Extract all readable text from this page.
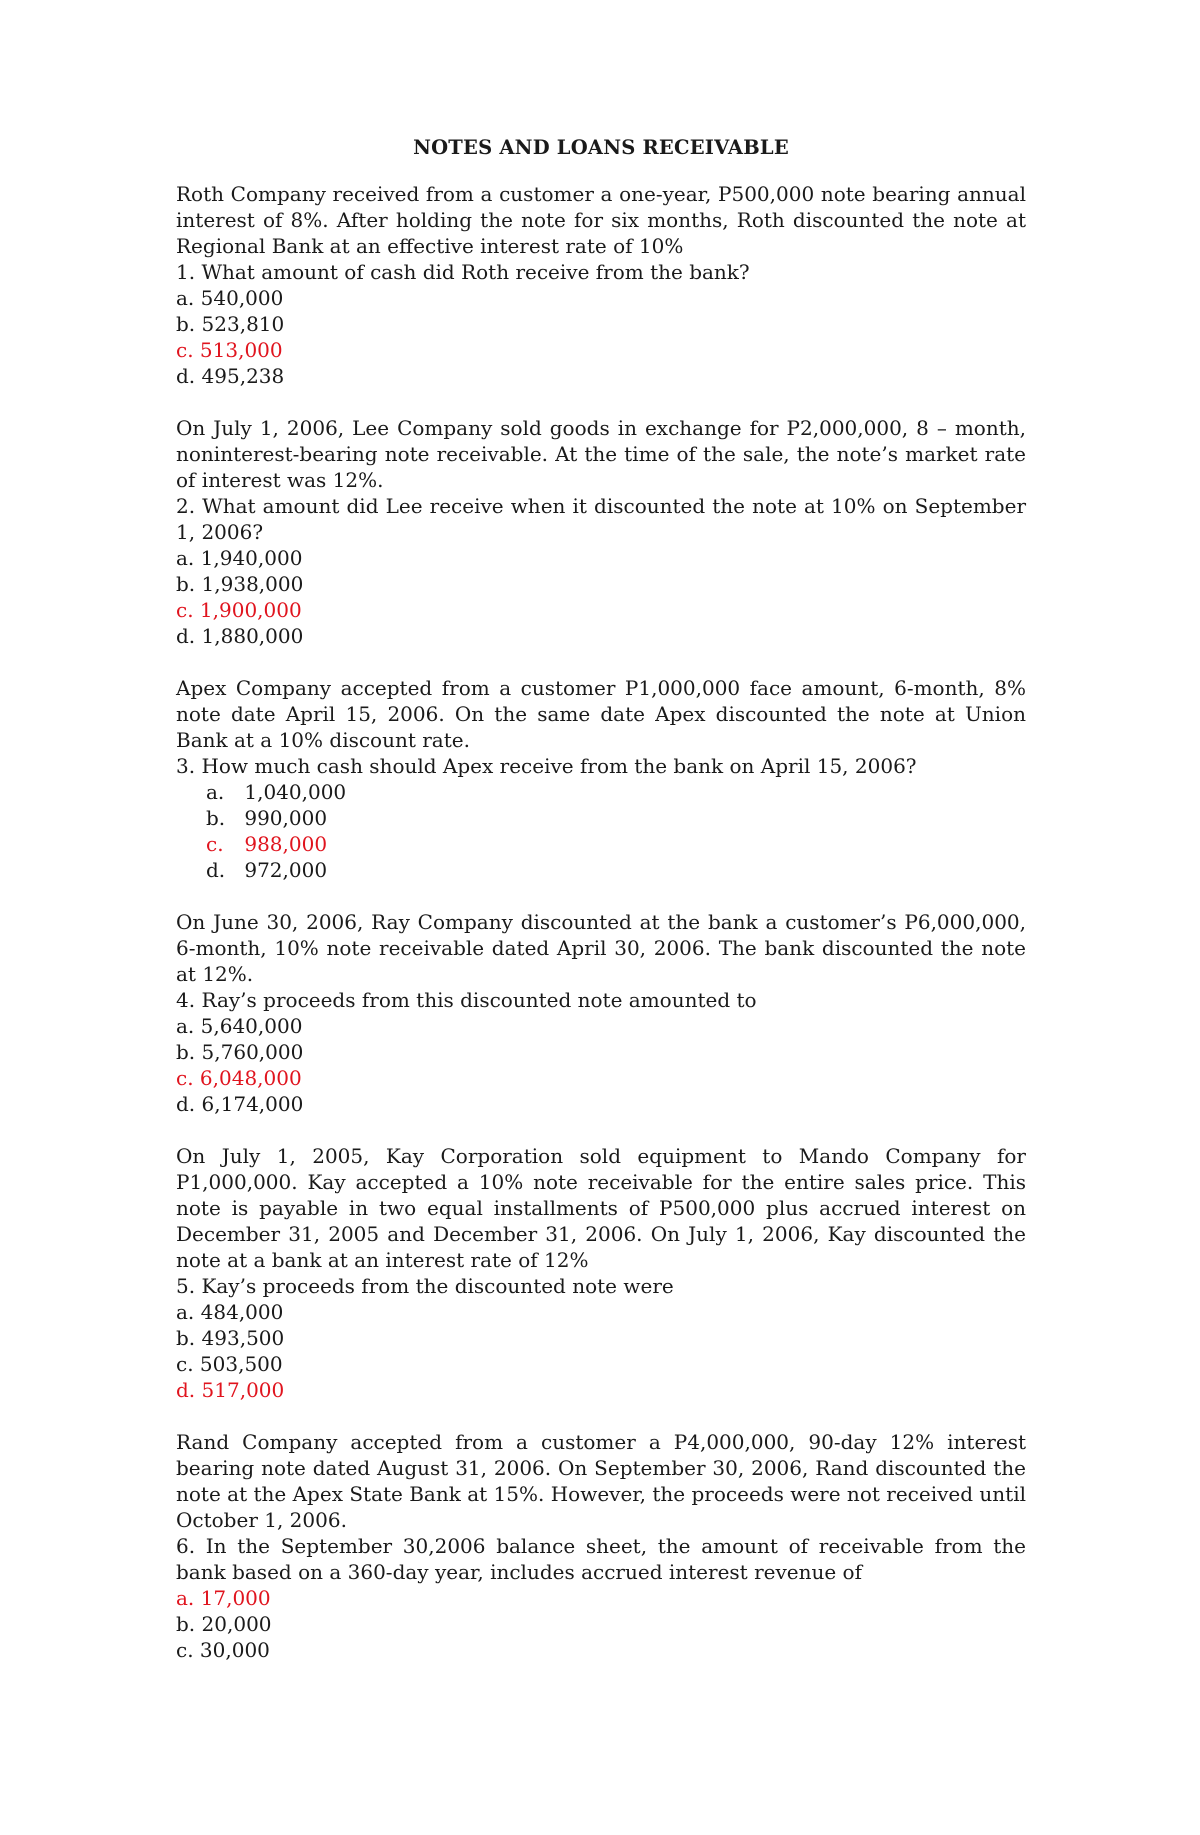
NOTES AND LOANS RECEIVABLE

Roth Company received from a customer a one-year, P500,000 note bearing annual interest of 8%. After holding the note for six months, Roth discounted the note at Regional Bank at an effective interest rate of 10%

1. What amount of cash did Roth receive from the bank?

a. 540,000
b. 523,810
c. 513,000
d. 495,238

On July 1, 2006, Lee Company sold goods in exchange for P2,000,000, 8 – month, noninterest-bearing note receivable. At the time of the sale, the note’s market rate of interest was 12%.

2. What amount did Lee receive when it discounted the note at 10% on September 1, 2006?

a. 1,940,000
b. 1,938,000
c. 1,900,000
d. 1,880,000

Apex Company accepted from a customer P1,000,000 face amount, 6-month, 8% note date April 15, 2006. On the same date Apex discounted the note at Union Bank at a 10% discount rate.

3. How much cash should Apex receive from the bank on April 15, 2006?

a. 1,040,000
b. 990,000
c. 988,000
d. 972,000

On June 30, 2006, Ray Company discounted at the bank a customer’s P6,000,000, 6-month, 10% note receivable dated April 30, 2006. The bank discounted the note at 12%.

4. Ray’s proceeds from this discounted note amounted to

a. 5,640,000
b. 5,760,000
c. 6,048,000
d. 6,174,000

On July 1, 2005, Kay Corporation sold equipment to Mando Company for P1,000,000. Kay accepted a 10% note receivable for the entire sales price. This note is payable in two equal installments of P500,000 plus accrued interest on December 31, 2005 and December 31, 2006. On July 1, 2006, Kay discounted the note at a bank at an interest rate of 12%

5. Kay’s proceeds from the discounted note were

a. 484,000
b. 493,500
c. 503,500
d. 517,000

Rand Company accepted from a customer a P4,000,000, 90-day 12% interest bearing note dated August 31, 2006. On September 30, 2006, Rand discounted the note at the Apex State Bank at 15%. However, the proceeds were not received until October 1, 2006.

6. In the September 30,2006 balance sheet, the amount of receivable from the bank based on a 360-day year, includes accrued interest revenue of

a. 17,000
b. 20,000
c. 30,000
